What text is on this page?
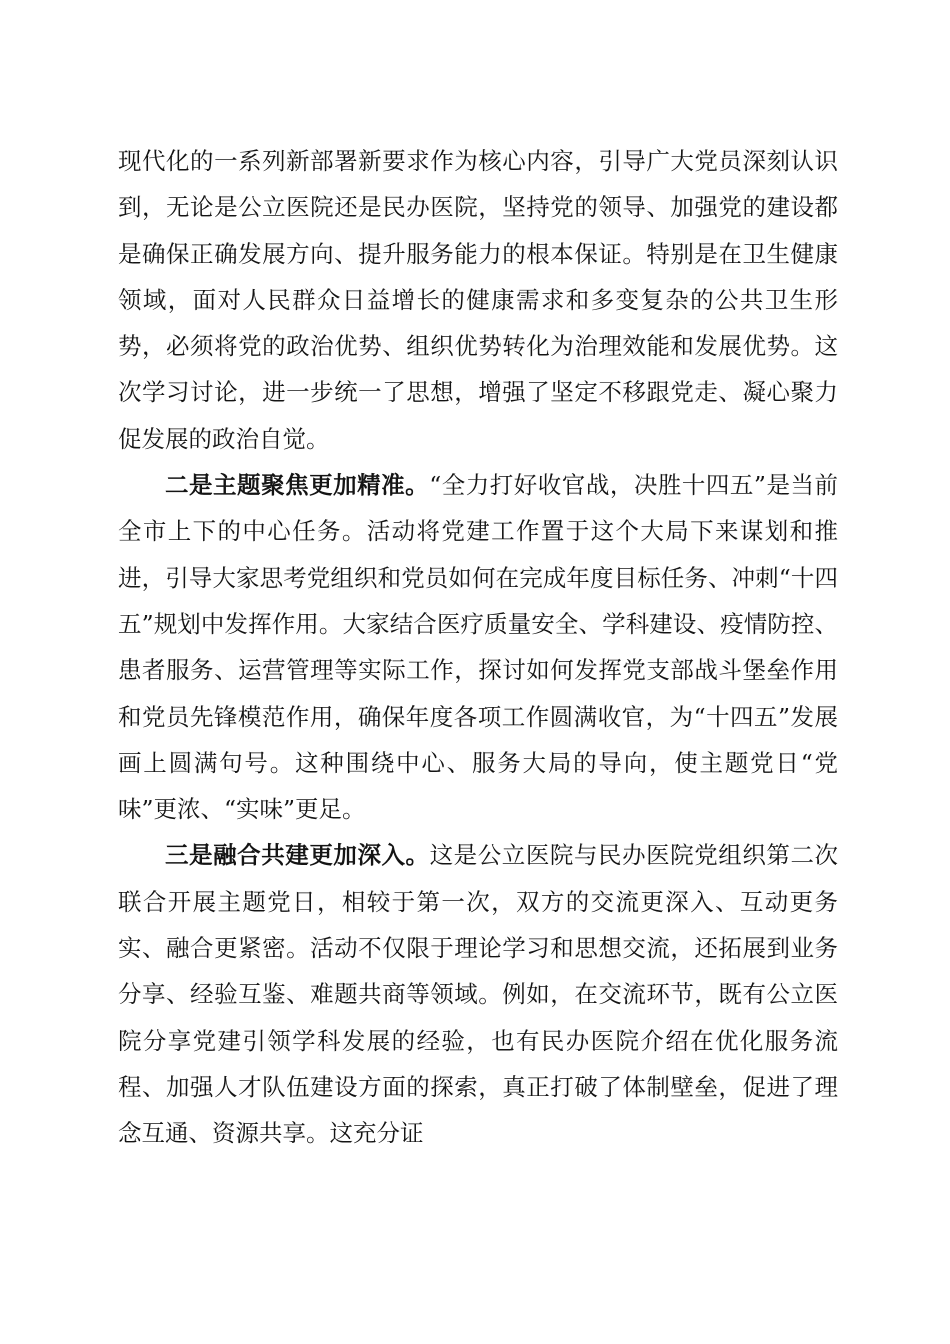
现代化的一系列新部署新要求作为核心内容，引导广大党员深刻认识到，无论是公立医院还是民办医院，坚持党的领导、加强党的建设都是确保正确发展方向、提升服务能力的根本保证。特别是在卫生健康领域，面对人民群众日益增长的健康需求和多变复杂的公共卫生形势，必须将党的政治优势、组织优势转化为治理效能和发展优势。这次学习讨论，进一步统一了思想，增强了坚定不移跟党走、凝心聚力促发展的政治自觉。

二是主题聚焦更加精准。“全力打好收官战，决胜十四五”是当前全市上下的中心任务。活动将党建工作置于这个大局下来谋划和推进，引导大家思考党组织和党员如何在完成年度目标任务、冲刺“十四五”规划中发挥作用。大家结合医疗质量安全、学科建设、疫情防控、患者服务、运营管理等实际工作，探讨如何发挥党支部战斗堡垒作用和党员先锋模范作用，确保年度各项工作圆满收官，为“十四五”发展画上圆满句号。这种围绕中心、服务大局的导向，使主题党日“党味”更浓、“实味”更足。

三是融合共建更加深入。这是公立医院与民办医院党组织第二次联合开展主题党日，相较于第一次，双方的交流更深入、互动更务实、融合更紧密。活动不仅限于理论学习和思想交流，还拓展到业务分享、经验互鉴、难题共商等领域。例如，在交流环节，既有公立医院分享党建引领学科发展的经验，也有民办医院介绍在优化服务流程、加强人才队伍建设方面的探索，真正打破了体制壁垒，促进了理念互通、资源共享。这充分证
